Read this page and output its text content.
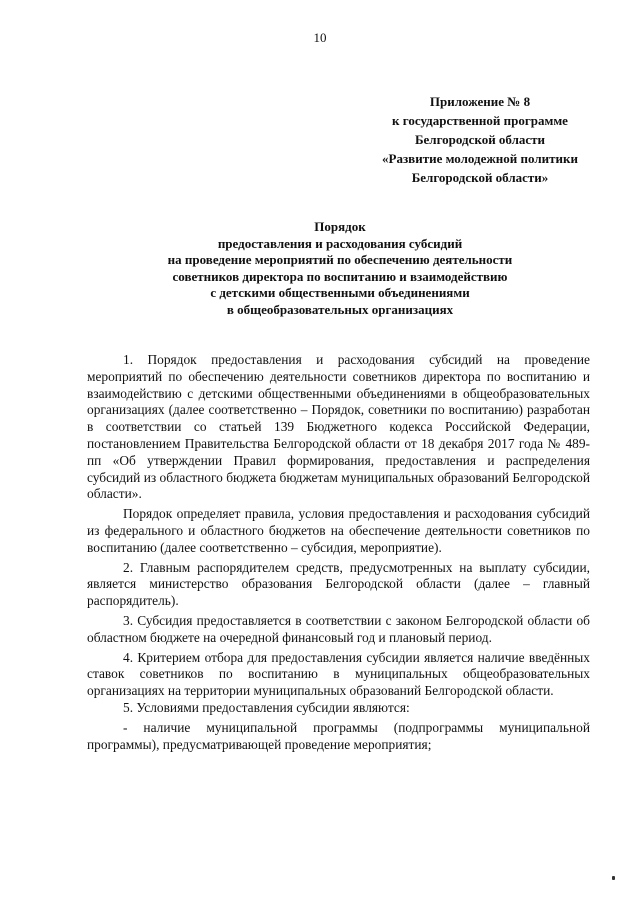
10
Приложение № 8
к государственной программе
Белгородской области
«Развитие молодежной политики
Белгородской области»
Порядок
предоставления и расходования субсидий
на проведение мероприятий по обеспечению деятельности
советников директора по воспитанию и взаимодействию
с детскими общественными объединениями
в общеобразовательных организациях

1. Порядок предоставления и расходования субсидий на проведение мероприятий по обеспечению деятельности советников директора по воспитанию и взаимодействию с детскими общественными объединениями в общеобразовательных организациях (далее соответственно – Порядок, советники по воспитанию) разработан в соответствии со статьей 139 Бюджетного кодекса Российской Федерации, постановлением Правительства Белгородской области от 18 декабря 2017 года № 489-пп «Об утверждении Правил формирования, предоставления и распределения субсидий из областного бюджета бюджетам муниципальных образований Белгородской области».

Порядок определяет правила, условия предоставления и расходования субсидий из федерального и областного бюджетов на обеспечение деятельности советников по воспитанию (далее соответственно – субсидия, мероприятие).

2. Главным распорядителем средств, предусмотренных на выплату субсидии, является министерство образования Белгородской области (далее – главный распорядитель).

3. Субсидия предоставляется в соответствии с законом Белгородской области об областном бюджете на очередной финансовый год и плановый период.

4. Критерием отбора для предоставления субсидии является наличие введённых ставок советников по воспитанию в муниципальных общеобразовательных организациях на территории муниципальных образований Белгородской области.

5. Условиями предоставления субсидии являются:

- наличие муниципальной программы (подпрограммы муниципальной программы), предусматривающей проведение мероприятия;
